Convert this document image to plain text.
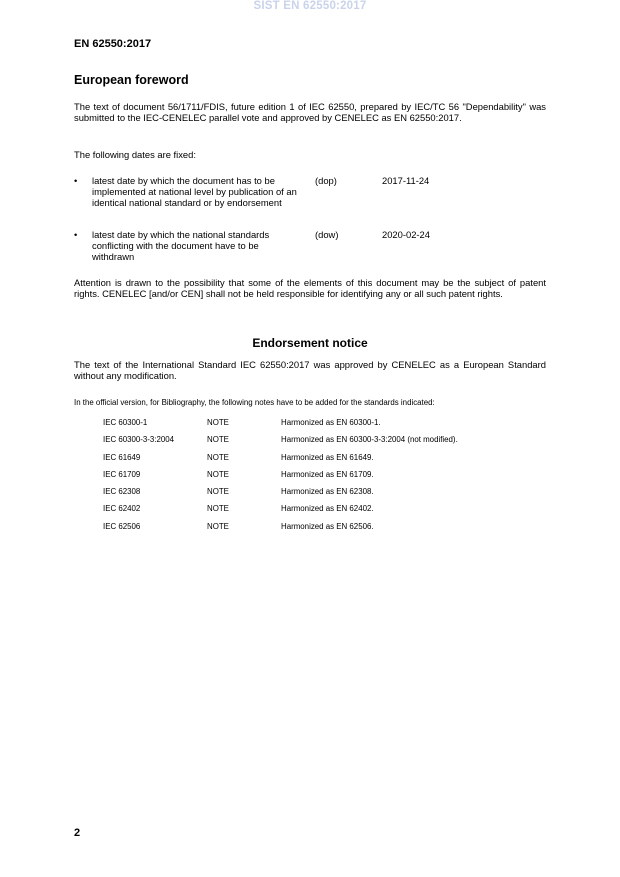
SIST EN 62550:2017
EN 62550:2017
European foreword
The text of document 56/1711/FDIS, future edition 1 of IEC 62550, prepared by IEC/TC 56 "Dependability" was submitted to the IEC-CENELEC parallel vote and approved by CENELEC as EN 62550:2017.
The following dates are fixed:
• latest date by which the document has to be implemented at national level by publication of an identical national standard or by endorsement
(dop)	2017-11-24
• latest date by which the national standards conflicting with the document have to be withdrawn
(dow)	2020-02-24
Attention is drawn to the possibility that some of the elements of this document may be the subject of patent rights. CENELEC [and/or CEN] shall not be held responsible for identifying any or all such patent rights.
Endorsement notice
The text of the International Standard IEC 62550:2017 was approved by CENELEC as a European Standard without any modification.
In the official version, for Bibliography, the following notes have to be added for the standards indicated:
IEC 60300-1	NOTE	Harmonized as EN 60300-1.
IEC 60300-3-3:2004	NOTE	Harmonized as EN 60300-3-3:2004 (not modified).
IEC 61649	NOTE	Harmonized as EN 61649.
IEC 61709	NOTE	Harmonized as EN 61709.
IEC 62308	NOTE	Harmonized as EN 62308.
IEC 62402	NOTE	Harmonized as EN 62402.
IEC 62506	NOTE	Harmonized as EN 62506.
2
